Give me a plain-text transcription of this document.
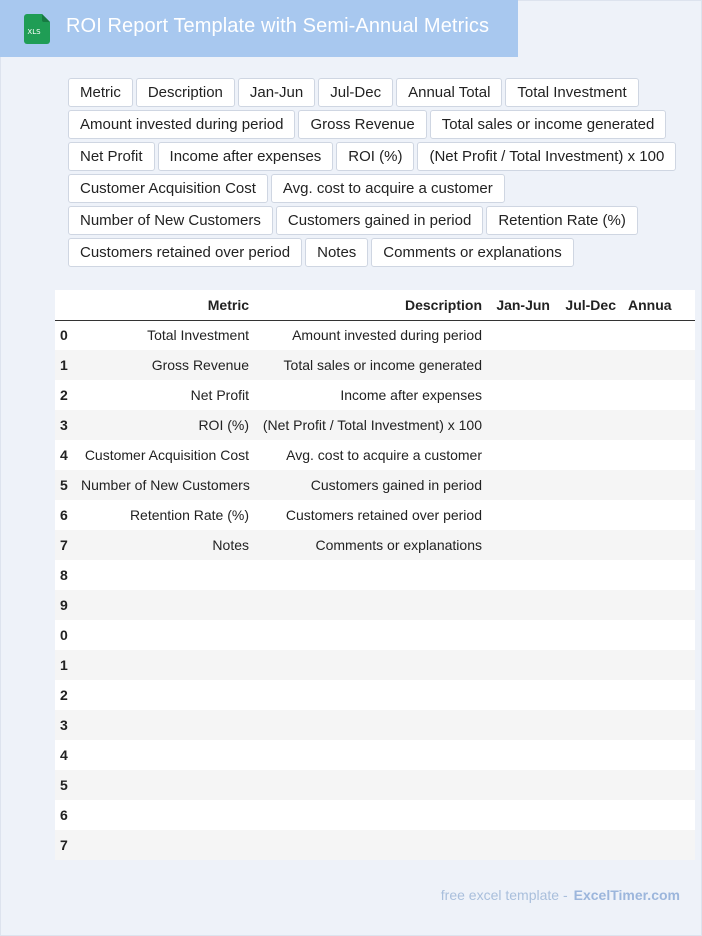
XLS ROI Report Template with Semi-Annual Metrics
Metric	Description	Jan-Jun	Jul-Dec	Annual Total	Total Investment
Amount invested during period	Gross Revenue	Total sales or income generated
Net Profit	Income after expenses	ROI (%)	(Net Profit / Total Investment) x 100
Customer Acquisition Cost	Avg. cost to acquire a customer
Number of New Customers	Customers gained in period	Retention Rate (%)
Customers retained over period	Notes	Comments or explanations
	Metric	Description	Jan-Jun	Jul-Dec	Annua
0	Total Investment	Amount invested during period			
1	Gross Revenue	Total sales or income generated			
2	Net Profit	Income after expenses			
3	ROI (%)	(Net Profit / Total Investment) x 100			
4	Customer Acquisition Cost	Avg. cost to acquire a customer			
5	Number of New Customers	Customers gained in period			
6	Retention Rate (%)	Customers retained over period			
7	Notes	Comments or explanations			
8					
9					
0					
1					
2					
3					
4					
5					
6					
7					
free excel template - ExcelTimer.com
